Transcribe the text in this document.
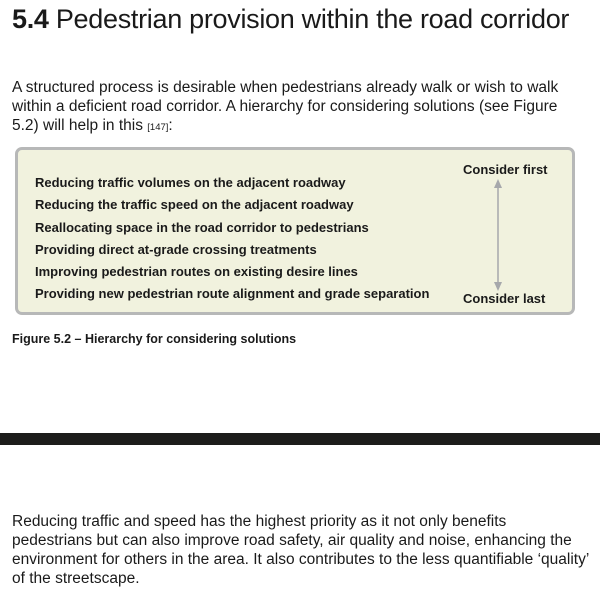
5.4 Pedestrian provision within the road corridor

A structured process is desirable when pedestrians already walk or wish to walk within a deficient road corridor. A hierarchy for considering solutions (see Figure 5.2) will help in this [147]:

Reducing traffic volumes on the adjacent roadway
Reducing the traffic speed on the adjacent roadway
Reallocating space in the road corridor to pedestrians
Providing direct at-grade crossing treatments
Improving pedestrian routes on existing desire lines
Providing new pedestrian route alignment and grade separation
Consider first
Consider last

Figure 5.2 – Hierarchy for considering solutions

Reducing traffic and speed has the highest priority as it not only benefits pedestrians but can also improve road safety, air quality and noise, enhancing the environment for others in the area. It also contributes to the less quantifiable ‘quality’ of the streetscape.
